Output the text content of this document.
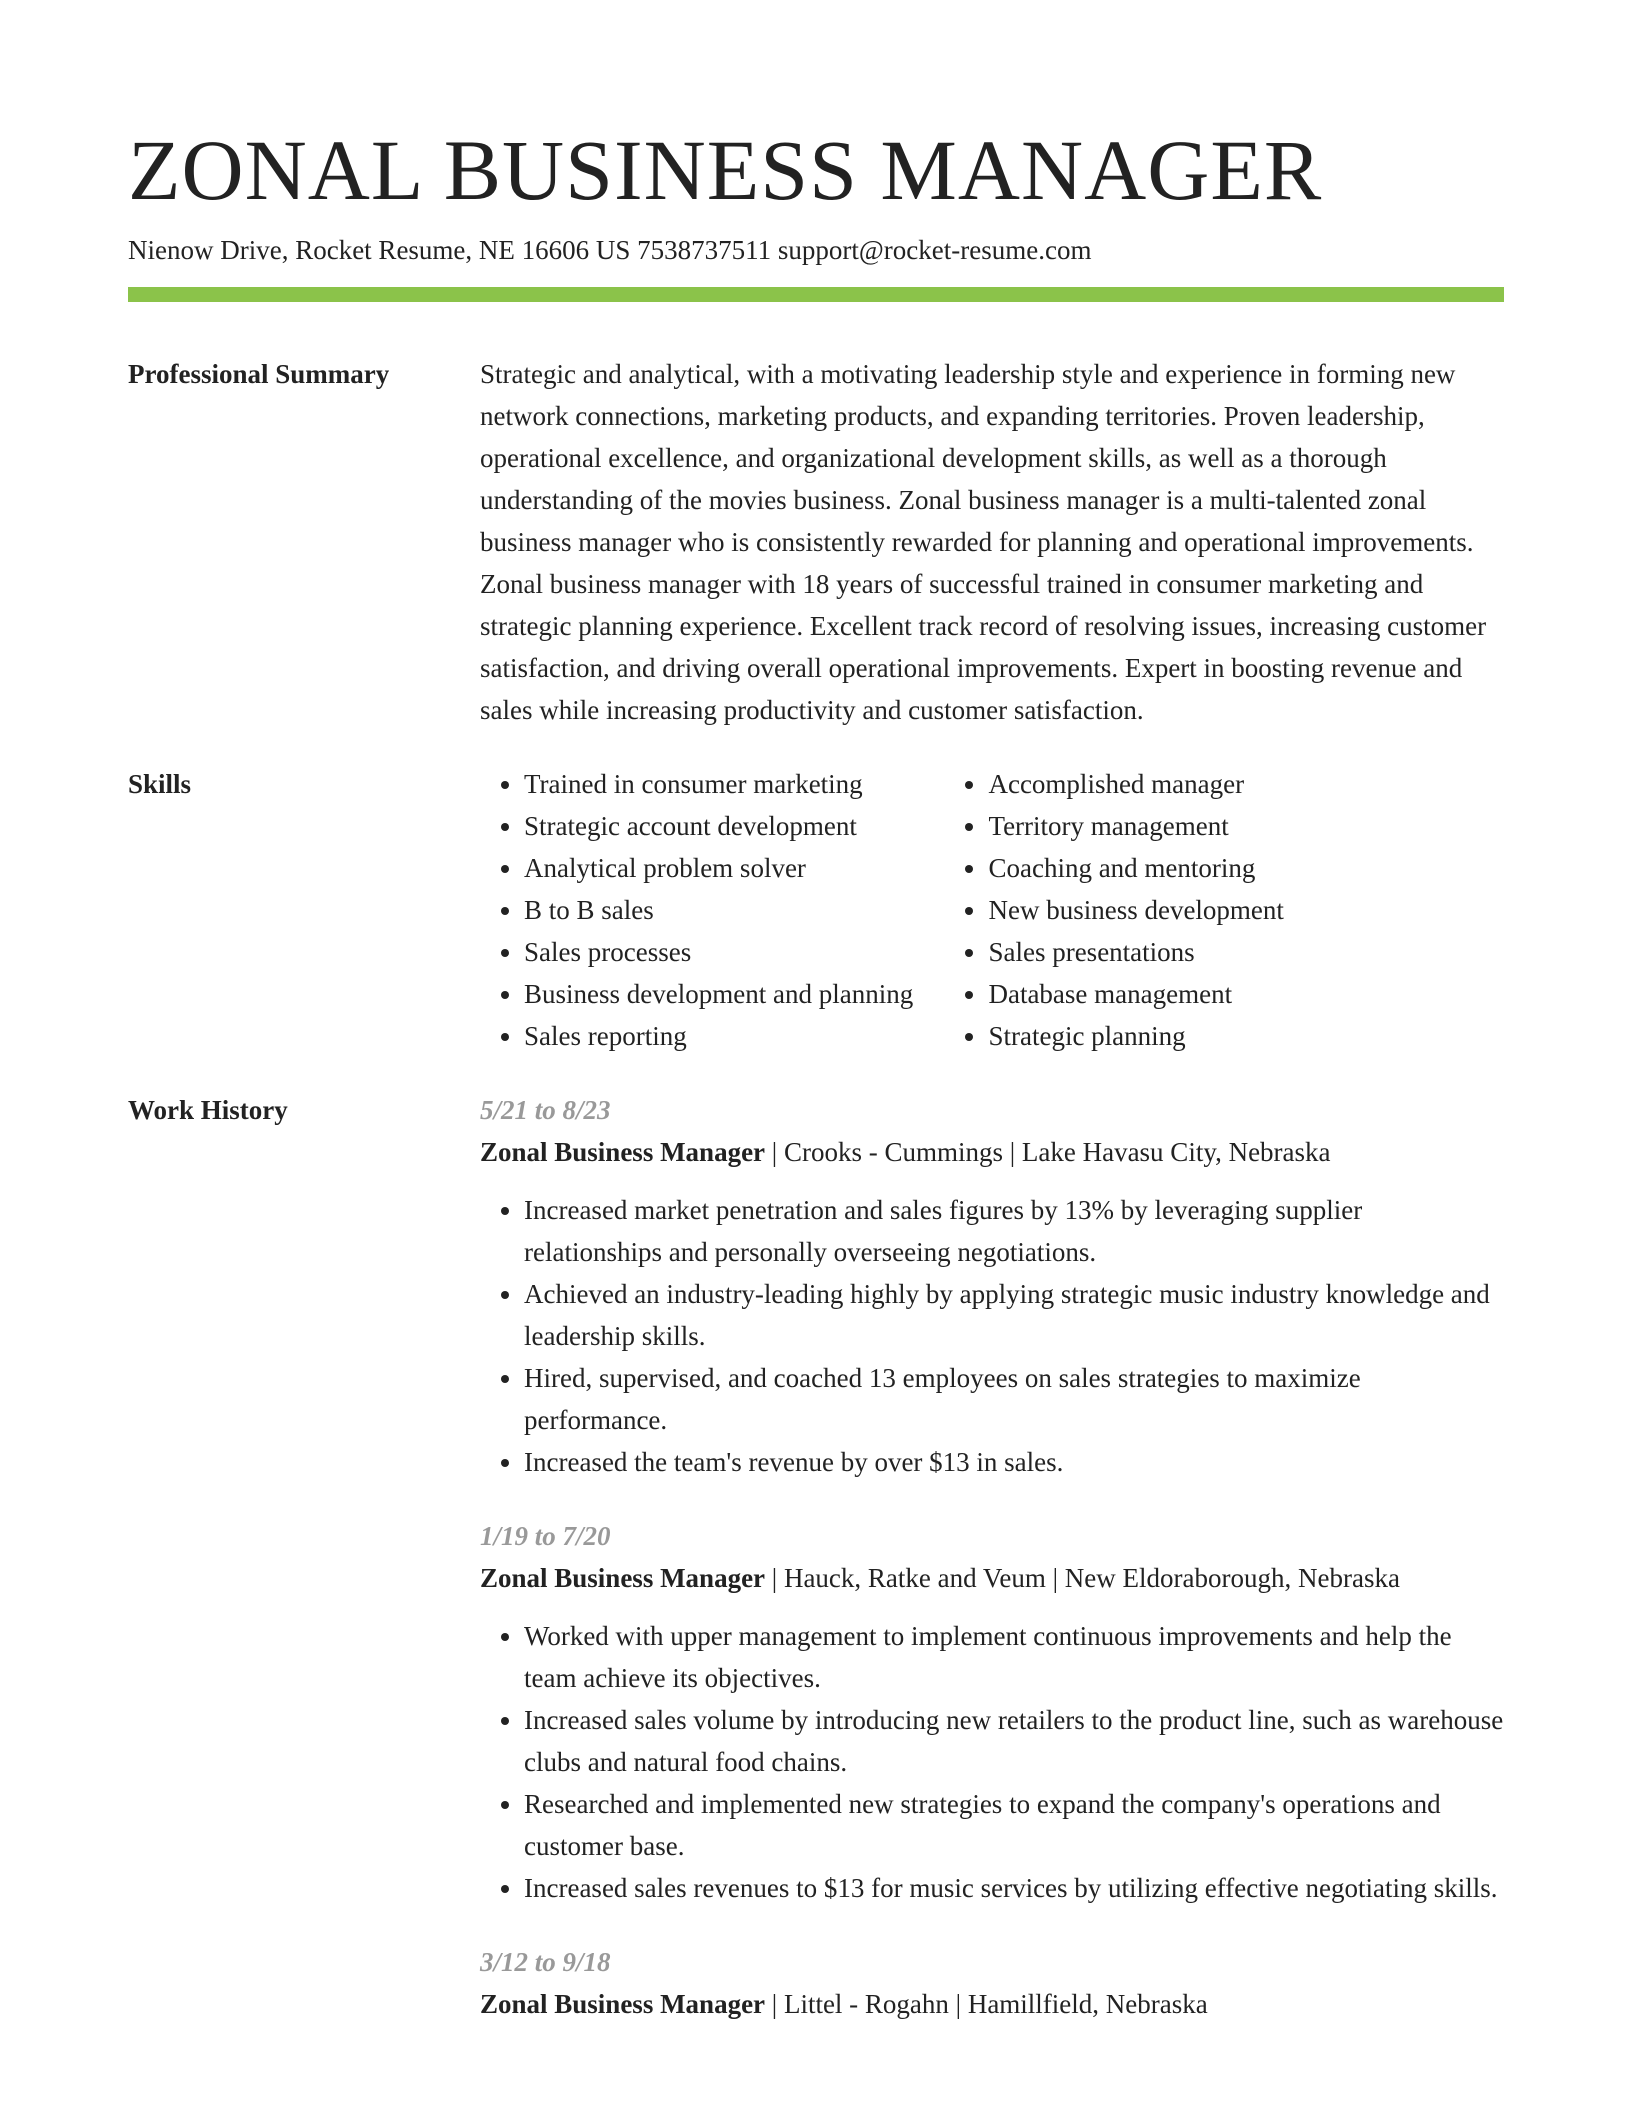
ZONAL BUSINESS MANAGER
Nienow Drive, Rocket Resume, NE 16606 US 7538737511 support@rocket-resume.com
Professional Summary	Strategic and analytical, with a motivating leadership style and experience in forming new network connections, marketing products, and expanding territories. Proven leadership, operational excellence, and organizational development skills, as well as a thorough understanding of the movies business. Zonal business manager is a multi-talented zonal business manager who is consistently rewarded for planning and operational improvements. Zonal business manager with 18 years of successful trained in consumer marketing and strategic planning experience. Excellent track record of resolving issues, increasing customer satisfaction, and driving overall operational improvements. Expert in boosting revenue and sales while increasing productivity and customer satisfaction.
Skills
•	Trained in consumer marketing
• Strategic account development
• Analytical problem solver
• B to B sales
• Sales processes
• Business development and planning
• Sales reporting
• Accomplished manager
• Territory management
• Coaching and mentoring
• New business development
• Sales presentations
• Database management
• Strategic planning
Work History	5/21 to 8/23
Zonal Business Manager | Crooks - Cummings | Lake Havasu City, Nebraska
• Increased market penetration and sales figures by 13% by leveraging supplier relationships and personally overseeing negotiations.
• Achieved an industry-leading highly by applying strategic music industry knowledge and leadership skills.
• Hired, supervised, and coached 13 employees on sales strategies to maximize performance.
• Increased the team's revenue by over $13 in sales.
1/19 to 7/20
Zonal Business Manager | Hauck, Ratke and Veum | New Eldoraborough, Nebraska
• Worked with upper management to implement continuous improvements and help the team achieve its objectives.
• Increased sales volume by introducing new retailers to the product line, such as warehouse clubs and natural food chains.
• Researched and implemented new strategies to expand the company's operations and customer base.
• Increased sales revenues to $13 for music services by utilizing effective negotiating skills.
3/12 to 9/18
Zonal Business Manager | Littel - Rogahn | Hamillfield, Nebraska
